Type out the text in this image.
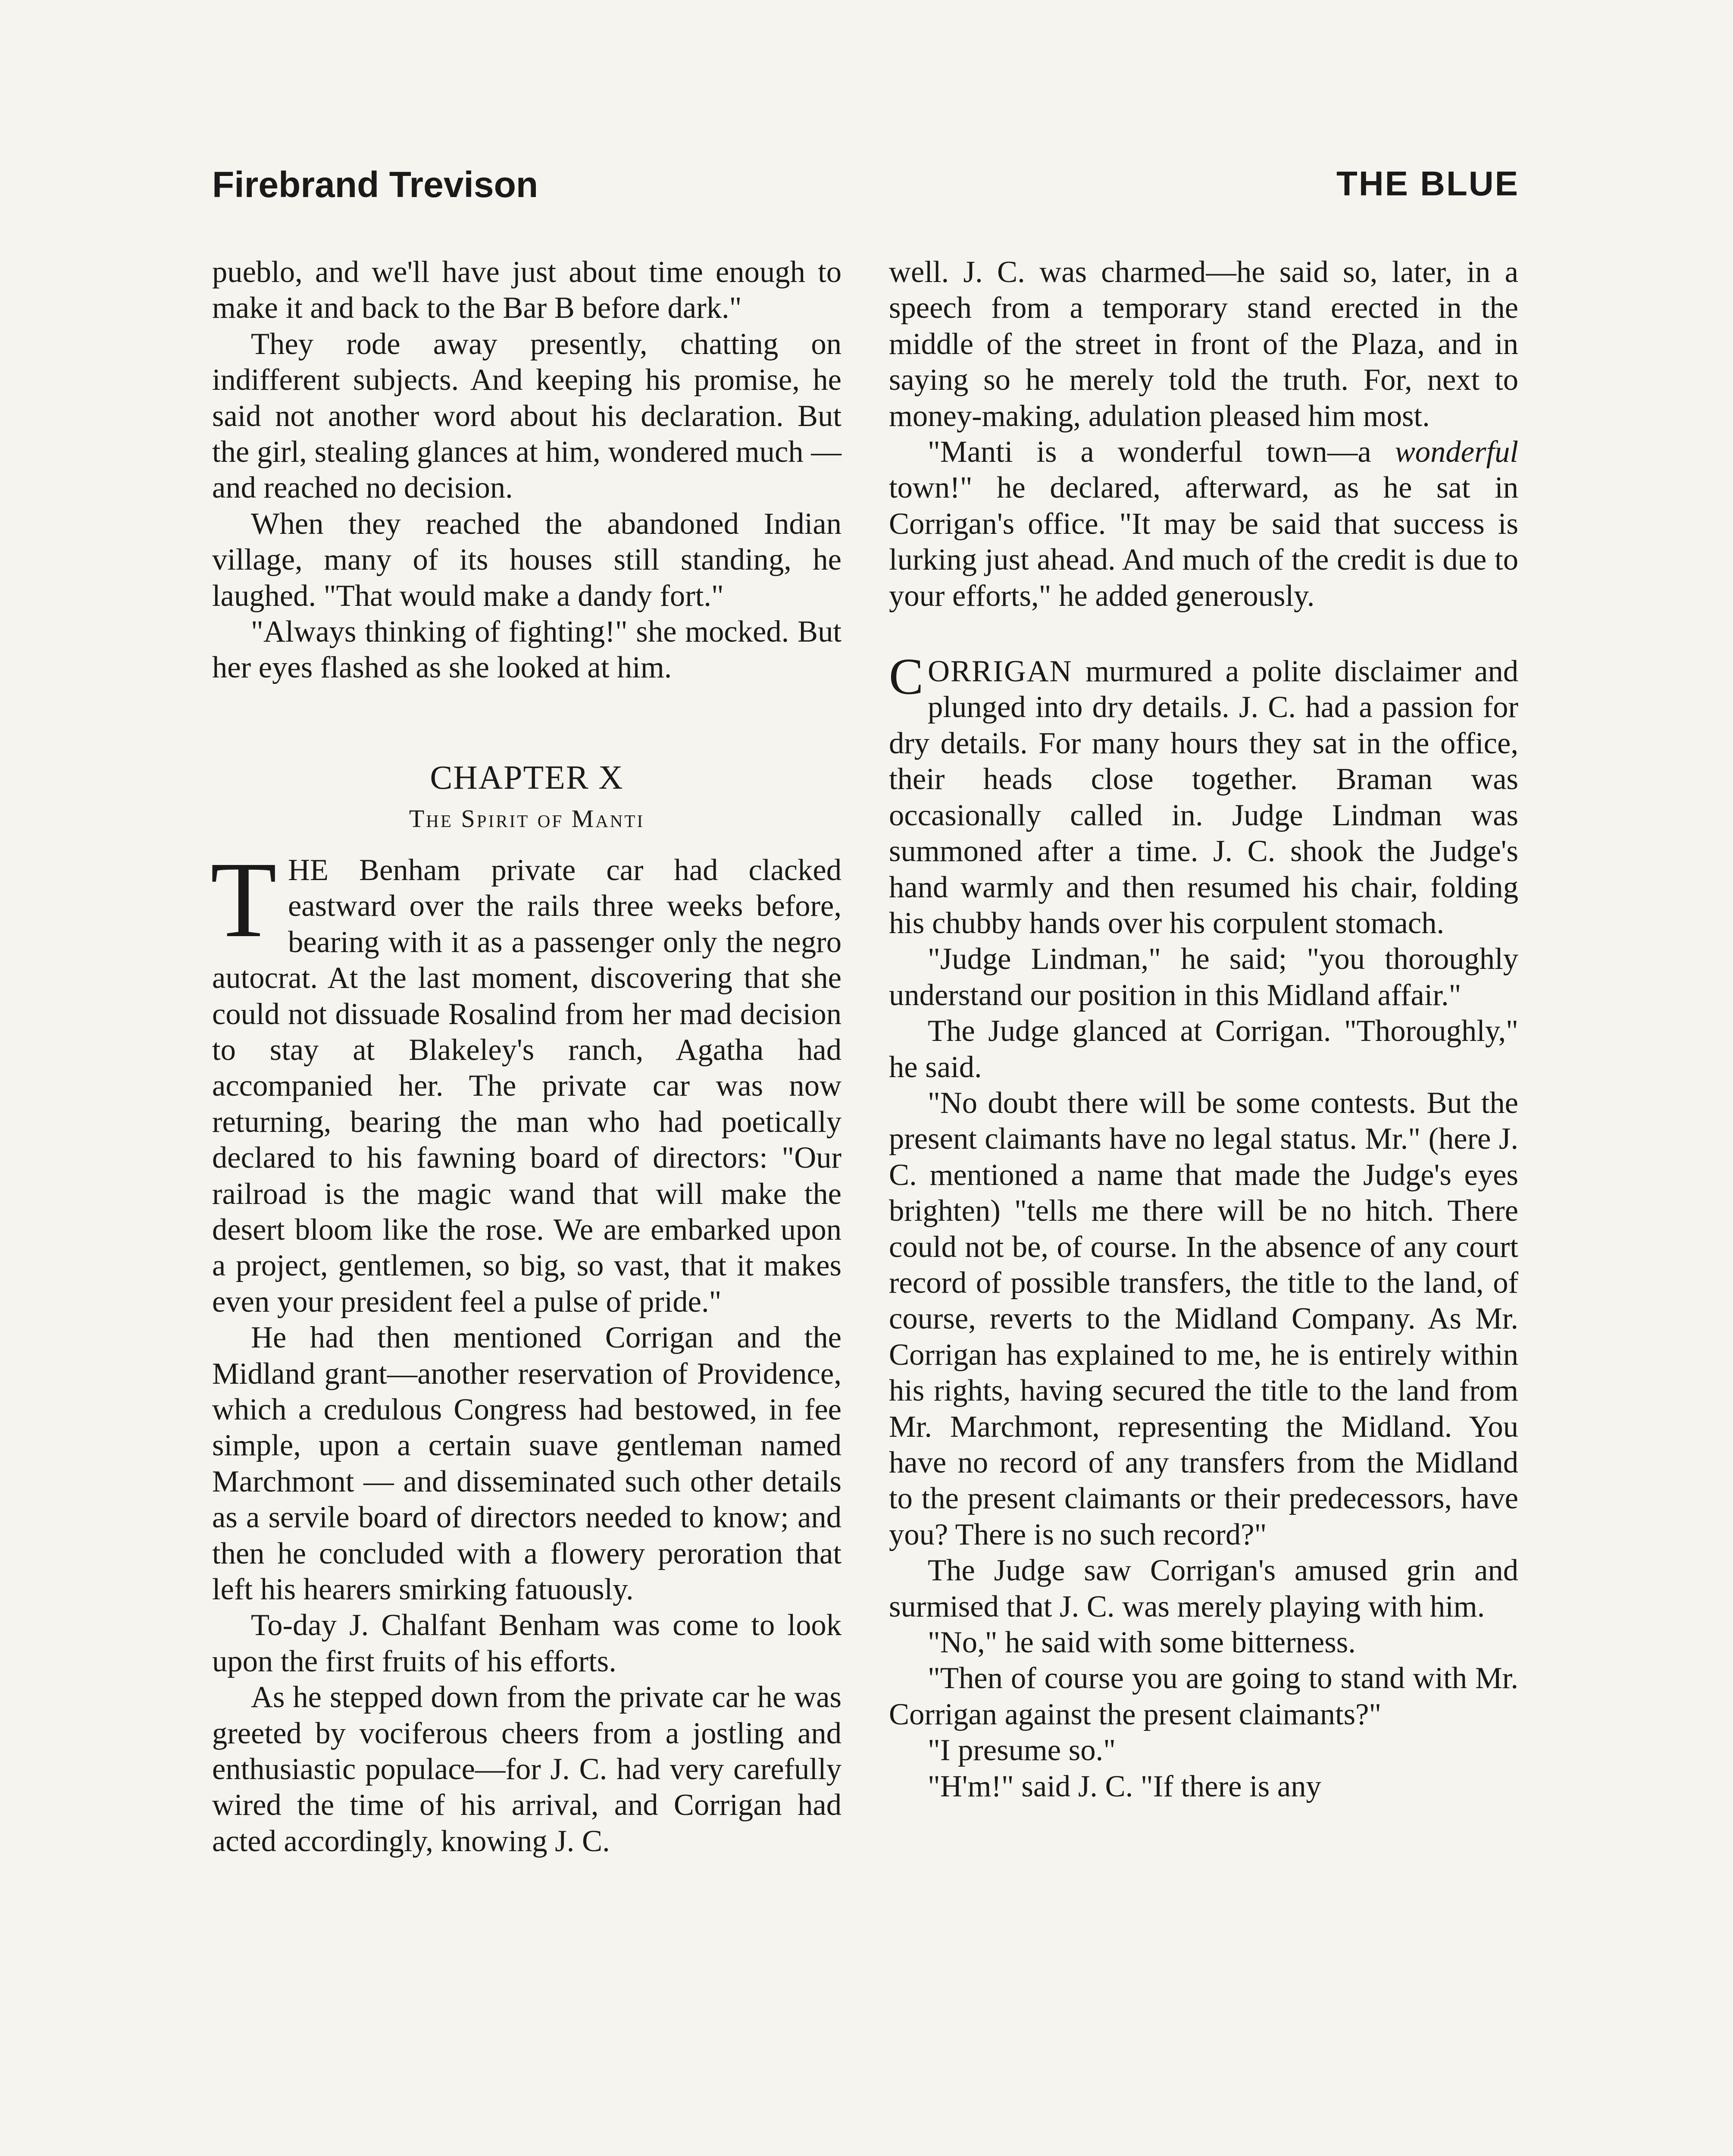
Firebrand Trevison	THE BLUE

pueblo, and we'll have just about time enough to make it and back to the Bar B before dark."

They rode away presently, chatting on indifferent subjects. And keeping his promise, he said not another word about his declaration. But the girl, stealing glances at him, wondered much —and reached no decision.

When they reached the abandoned Indian village, many of its houses still standing, he laughed. "That would make a dandy fort."

"Always thinking of fighting!" she mocked. But her eyes flashed as she looked at him.

CHAPTER X
The Spirit of Manti

THE Benham private car had clacked eastward over the rails three weeks before, bearing with it as a passenger only the negro autocrat. At the last moment, discovering that she could not dissuade Rosalind from her mad decision to stay at Blakeley's ranch, Agatha had accompanied her. The private car was now returning, bearing the man who had poetically declared to his fawning board of directors: "Our railroad is the magic wand that will make the desert bloom like the rose. We are embarked upon a project, gentlemen, so big, so vast, that it makes even your president feel a pulse of pride."

He had then mentioned Corrigan and the Midland grant—another reservation of Providence, which a credulous Congress had bestowed, in fee simple, upon a certain suave gentleman named Marchmont — and disseminated such other details as a servile board of directors needed to know; and then he concluded with a flowery peroration that left his hearers smirking fatuously.

To-day J. Chalfant Benham was come to look upon the first fruits of his efforts.

As he stepped down from the private car he was greeted by vociferous cheers from a jostling and enthusiastic populace—for J. C. had very carefully wired the time of his arrival, and Corrigan had acted accordingly, knowing J. C.

well. J. C. was charmed—he said so, later, in a speech from a temporary stand erected in the middle of the street in front of the Plaza, and in saying so he merely told the truth. For, next to money-making, adulation pleased him most.

"Manti is a wonderful town—a wonderful town!" he declared, afterward, as he sat in Corrigan's office. "It may be said that success is lurking just ahead. And much of the credit is due to your efforts," he added generously.

CORRIGAN murmured a polite disclaimer and plunged into dry details. J. C. had a passion for dry details. For many hours they sat in the office, their heads close together. Braman was occasionally called in. Judge Lindman was summoned after a time. J. C. shook the Judge's hand warmly and then resumed his chair, folding his chubby hands over his corpulent stomach.

"Judge Lindman," he said; "you thoroughly understand our position in this Midland affair."

The Judge glanced at Corrigan. "Thoroughly," he said.

"No doubt there will be some contests. But the present claimants have no legal status. Mr." (here J. C. mentioned a name that made the Judge's eyes brighten) "tells me there will be no hitch. There could not be, of course. In the absence of any court record of possible transfers, the title to the land, of course, reverts to the Midland Company. As Mr. Corrigan has explained to me, he is entirely within his rights, having secured the title to the land from Mr. Marchmont, representing the Midland. You have no record of any transfers from the Midland to the present claimants or their predecessors, have you? There is no such record?"

The Judge saw Corrigan's amused grin and surmised that J. C. was merely playing with him.

"No," he said with some bitterness.

"Then of course you are going to stand with Mr. Corrigan against the present claimants?"

"I presume so."

"H'm!" said J. C. "If there is any
